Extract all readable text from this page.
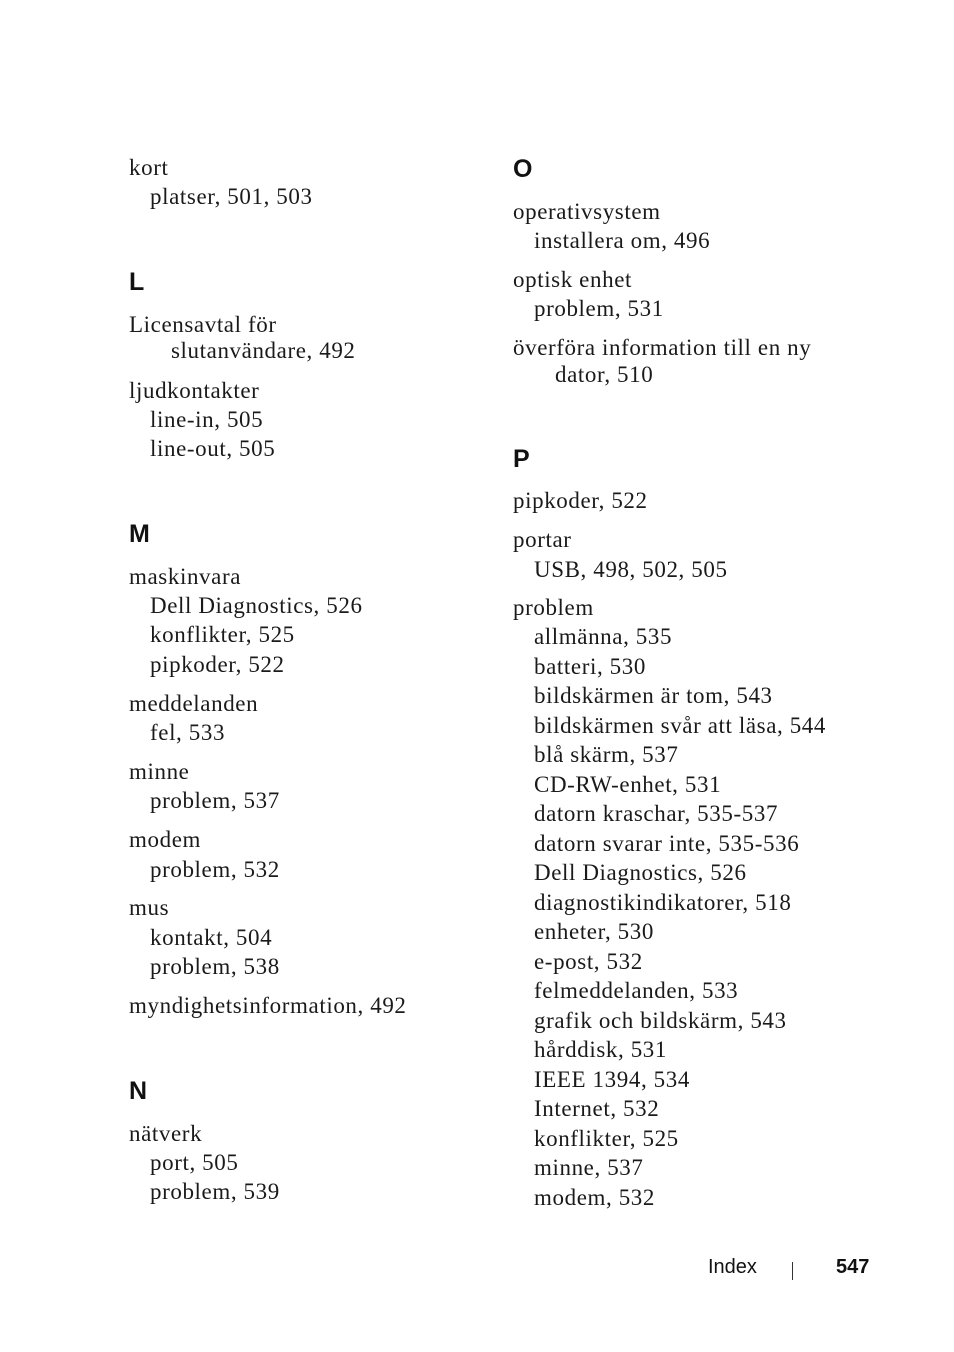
kort
platser, 501, 503
L
Licensavtal för
slutanvändare, 492
ljudkontakter
line-in, 505
line-out, 505
M
maskinvara
Dell Diagnostics, 526
konflikter, 525
pipkoder, 522
meddelanden
fel, 533
minne
problem, 537
modem
problem, 532
mus
kontakt, 504
problem, 538
myndighetsinformation, 492
N
nätverk
port, 505
problem, 539
O
operativsystem
installera om, 496
optisk enhet
problem, 531
överföra information till en ny
dator, 510
P
pipkoder, 522
portar
USB, 498, 502, 505
problem
allmänna, 535
batteri, 530
bildskärmen är tom, 543
bildskärmen svår att läsa, 544
blå skärm, 537
CD-RW-enhet, 531
datorn kraschar, 535-537
datorn svarar inte, 535-536
Dell Diagnostics, 526
diagnostikindikatorer, 518
enheter, 530
e-post, 532
felmeddelanden, 533
grafik och bildskärm, 543
hårddisk, 531
IEEE 1394, 534
Internet, 532
konflikter, 525
minne, 537
modem, 532
Index	547
